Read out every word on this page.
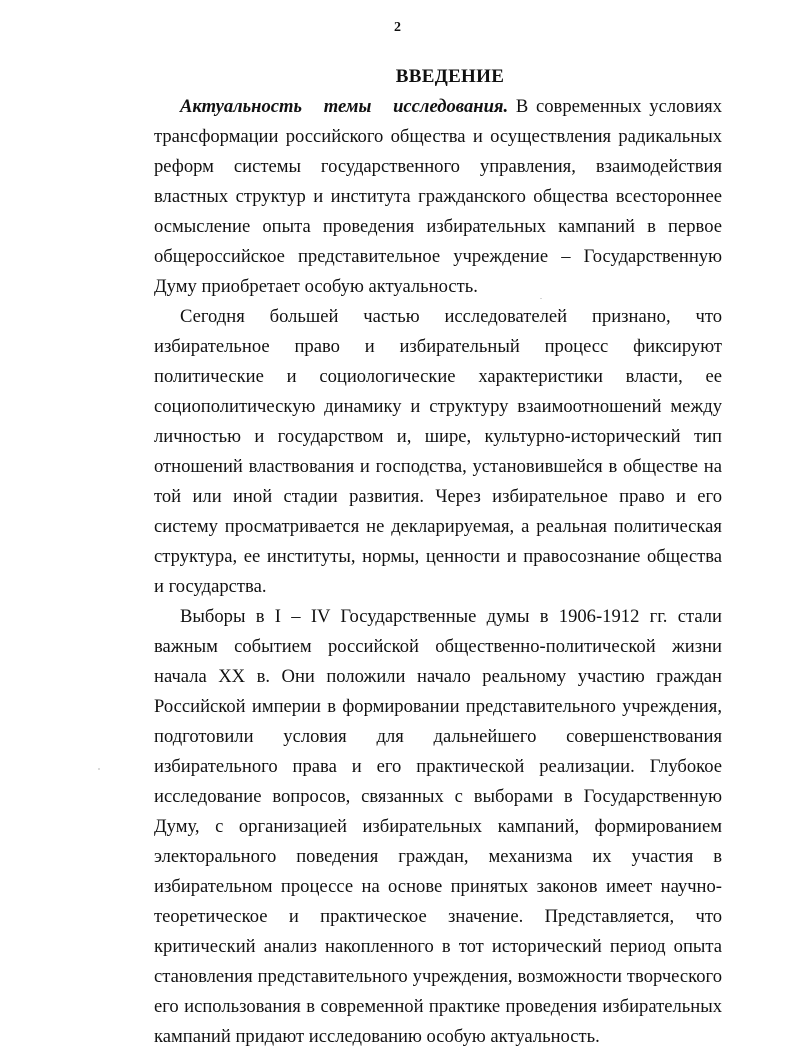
2
ВВЕДЕНИЕ

Актуальность темы исследования. В современных условиях трансформации российского общества и осуществления радикальных реформ системы государственного управления, взаимодействия властных структур и института гражданского общества всестороннее осмысление опыта проведения избирательных кампаний в первое общероссийское представительное учреждение – Государственную Думу приобретает особую актуальность.

Сегодня большей частью исследователей признано, что избирательное право и избирательный процесс фиксируют политические и социологические характеристики власти, ее социополитическую динамику и структуру взаимоотношений между личностью и государством и, шире, культурно-исторический тип отношений властвования и господства, установившейся в обществе на той или иной стадии развития. Через избирательное право и его систему просматривается не декларируемая, а реальная политическая структура, ее институты, нормы, ценности и правосознание общества и государства.

Выборы в I – IV Государственные думы в 1906-1912 гг. стали важным событием российской общественно-политической жизни начала XX в. Они положили начало реальному участию граждан Российской империи в формировании представительного учреждения, подготовили условия для дальнейшего совершенствования избирательного права и его практической реализации. Глубокое исследование вопросов, связанных с выборами в Государственную Думу, с организацией избирательных кампаний, формированием электорального поведения граждан, механизма их участия в избирательном процессе на основе принятых законов имеет научно-теоретическое и практическое значение. Представляется, что критический анализ накопленного в тот исторический период опыта становления представительного учреждения, возможности творческого его использования в современной практике проведения избирательных кампаний придают исследованию особую актуальность.
